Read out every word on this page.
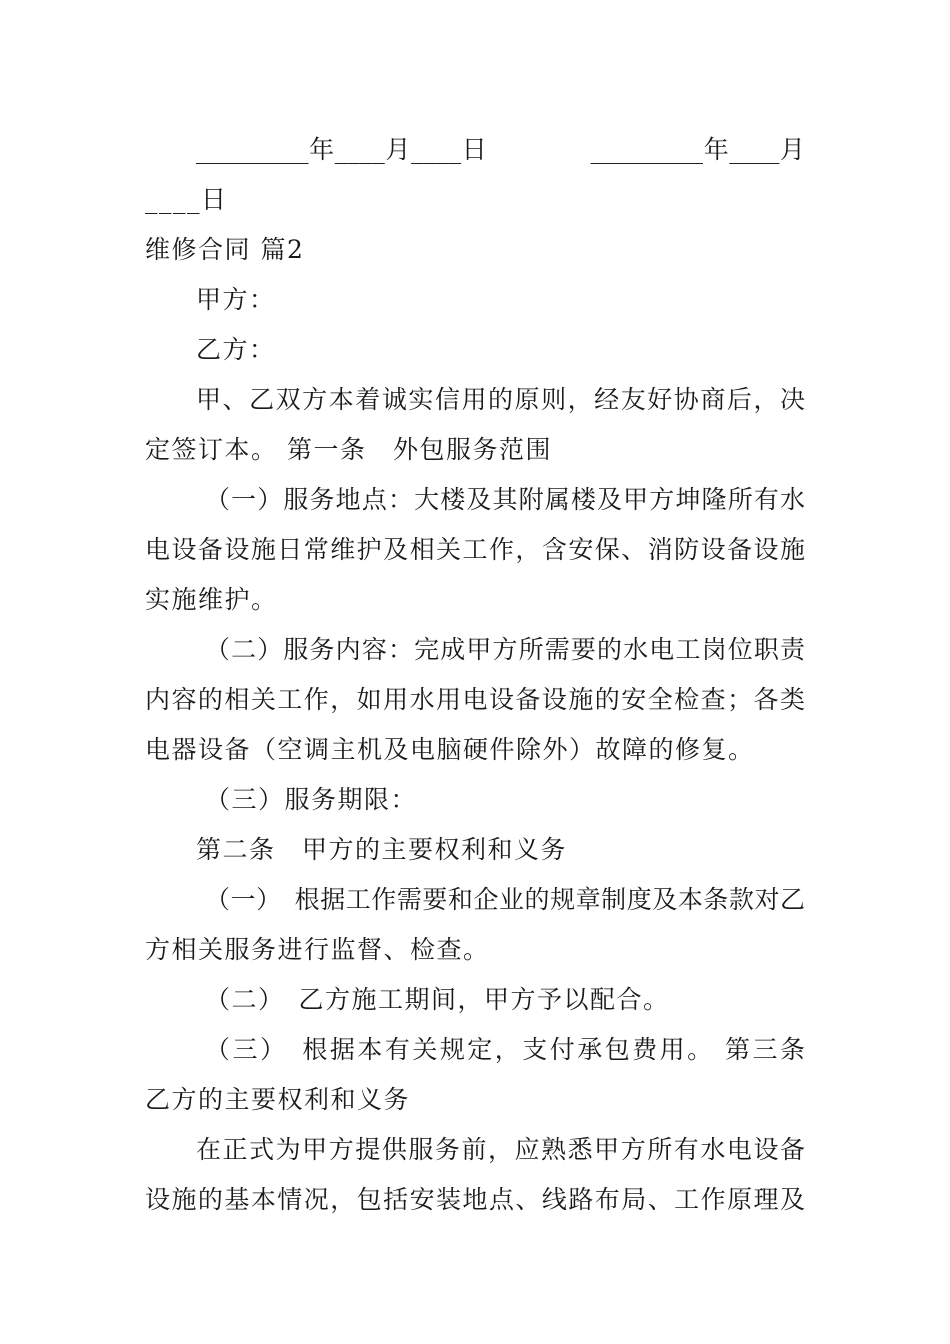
_________年____月____日            _________年____月
____日
维修合同 篇2
甲方：
乙方：
甲、乙双方本着诚实信用的原则，经友好协商后，决
定签订本。 第一条　外包服务范围
（一）服务地点：大楼及其附属楼及甲方坤隆所有水
电设备设施日常维护及相关工作，含安保、消防设备设施
实施维护。
（二）服务内容：完成甲方所需要的水电工岗位职责
内容的相关工作，如用水用电设备设施的安全检查；各类
电器设备（空调主机及电脑硬件除外）故障的修复。
（三）服务期限：
第二条　甲方的主要权利和义务
（一）　根据工作需要和企业的规章制度及本条款对乙
方相关服务进行监督、检查。
（二）　乙方施工期间，甲方予以配合。
（三）　根据本有关规定，支付承包费用。 第三条
乙方的主要权利和义务
在正式为甲方提供服务前，应熟悉甲方所有水电设备
设施的基本情况，包括安装地点、线路布局、工作原理及
